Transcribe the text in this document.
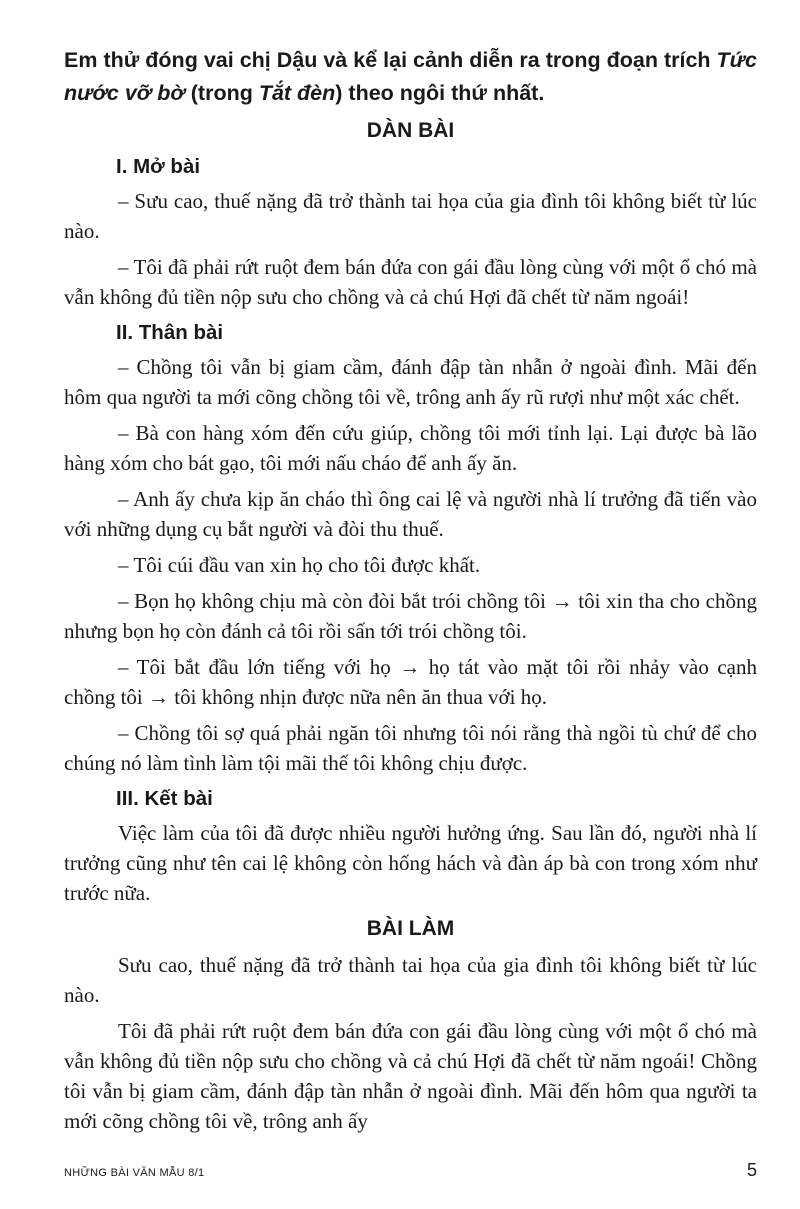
Em thử đóng vai chị Dậu và kể lại cảnh diễn ra trong đoạn trích Tức nước vỡ bờ (trong Tắt đèn) theo ngôi thứ nhất.

DÀN BÀI
I. Mở bài

– Sưu cao, thuế nặng đã trở thành tai họa của gia đình tôi không biết từ lúc nào.

– Tôi đã phải rứt ruột đem bán đứa con gái đầu lòng cùng với một ổ chó mà vẫn không đủ tiền nộp sưu cho chồng và cả chú Hợi đã chết từ năm ngoái!

II. Thân bài

– Chồng tôi vẫn bị giam cầm, đánh đập tàn nhẫn ở ngoài đình. Mãi đến hôm qua người ta mới cõng chồng tôi về, trông anh ấy rũ rượi như một xác chết.

– Bà con hàng xóm đến cứu giúp, chồng tôi mới tỉnh lại. Lại được bà lão hàng xóm cho bát gạo, tôi mới nấu cháo để anh ấy ăn.

– Anh ấy chưa kịp ăn cháo thì ông cai lệ và người nhà lí trưởng đã tiến vào với những dụng cụ bắt người và đòi thu thuế.

– Tôi cúi đầu van xin họ cho tôi được khất.

– Bọn họ không chịu mà còn đòi bắt trói chồng tôi → tôi xin tha cho chồng nhưng bọn họ còn đánh cả tôi rồi sấn tới trói chồng tôi.

– Tôi bắt đầu lớn tiếng với họ → họ tát vào mặt tôi rồi nhảy vào cạnh chồng tôi → tôi không nhịn được nữa nên ăn thua với họ.

– Chồng tôi sợ quá phải ngăn tôi nhưng tôi nói rằng thà ngồi tù chứ để cho chúng nó làm tình làm tội mãi thế tôi không chịu được.

III. Kết bài

Việc làm của tôi đã được nhiều người hưởng ứng. Sau lần đó, người nhà lí trưởng cũng như tên cai lệ không còn hống hách và đàn áp bà con trong xóm như trước nữa.

BÀI LÀM

Sưu cao, thuế nặng đã trở thành tai họa của gia đình tôi không biết từ lúc nào.

Tôi đã phải rứt ruột đem bán đứa con gái đầu lòng cùng với một ổ chó mà vẫn không đủ tiền nộp sưu cho chồng và cả chú Hợi đã chết từ năm ngoái! Chồng tôi vẫn bị giam cầm, đánh đập tàn nhẫn ở ngoài đình. Mãi đến hôm qua người ta mới cõng chồng tôi về, trông anh ấy

NHỮNG BÀI VĂN MẪU 8/1	5
